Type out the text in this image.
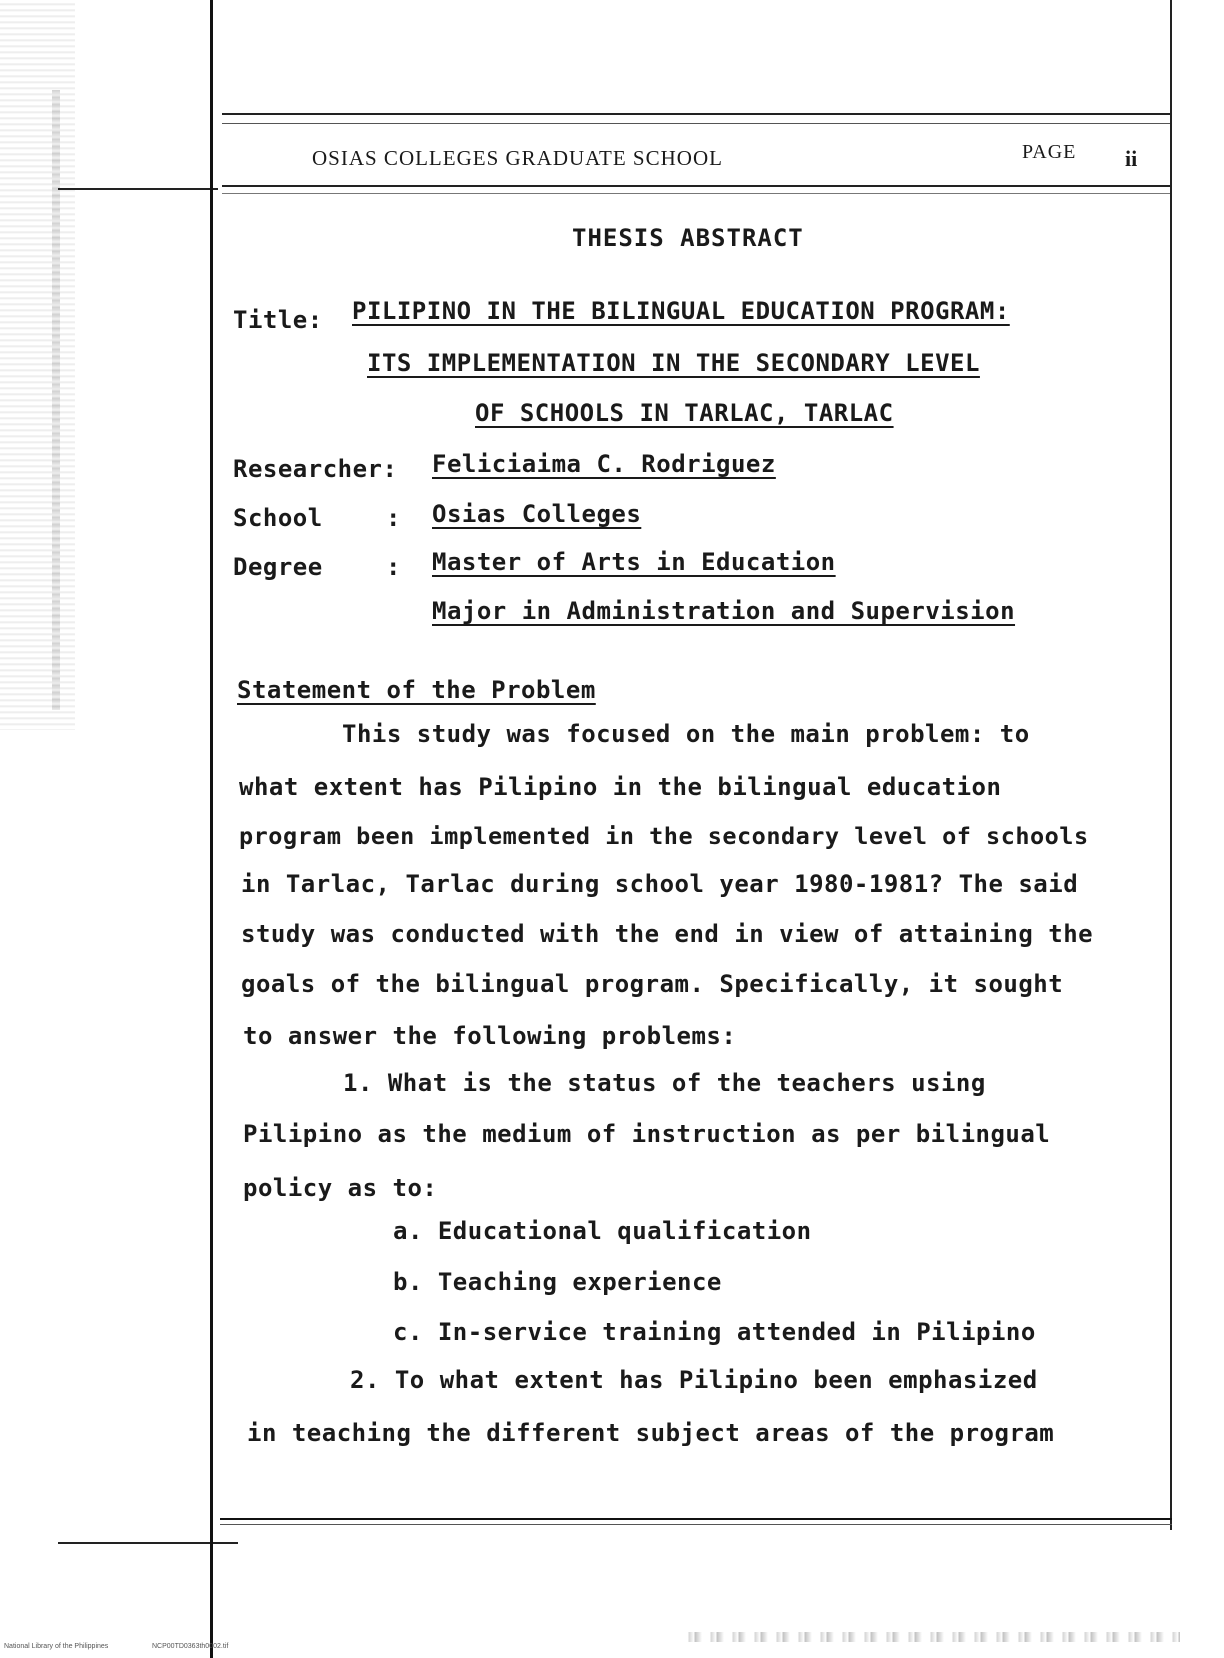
OSIAS COLLEGES GRADUATE SCHOOL	PAGE ii
THESIS ABSTRACT
Title: PILIPINO IN THE BILINGUAL EDUCATION PROGRAM:
ITS IMPLEMENTATION IN THE SECONDARY LEVEL
OF SCHOOLS IN TARLAC, TARLAC
Researcher: Feliciaima C. Rodriguez
School	: Osias Colleges
Degree	: Master of Arts in Education
Major in Administration and Supervision
Statement of the Problem
This study was focused on the main problem: to
what extent has Pilipino in the bilingual education
program been implemented in the secondary level of schools
in Tarlac, Tarlac during school year 1980-1981? The said
study was conducted with the end in view of attaining the
goals of the bilingual program. Specifically, it sought
to answer the following problems:
1. What is the status of the teachers using
Pilipino as the medium of instruction as per bilingual
policy as to:
a. Educational qualification
b. Teaching experience
c. In-service training attended in Pilipino
2. To what extent has Pilipino been emphasized
in teaching the different subject areas of the program
National Library of the Philippines	NCP00TD0363th0002.tif
